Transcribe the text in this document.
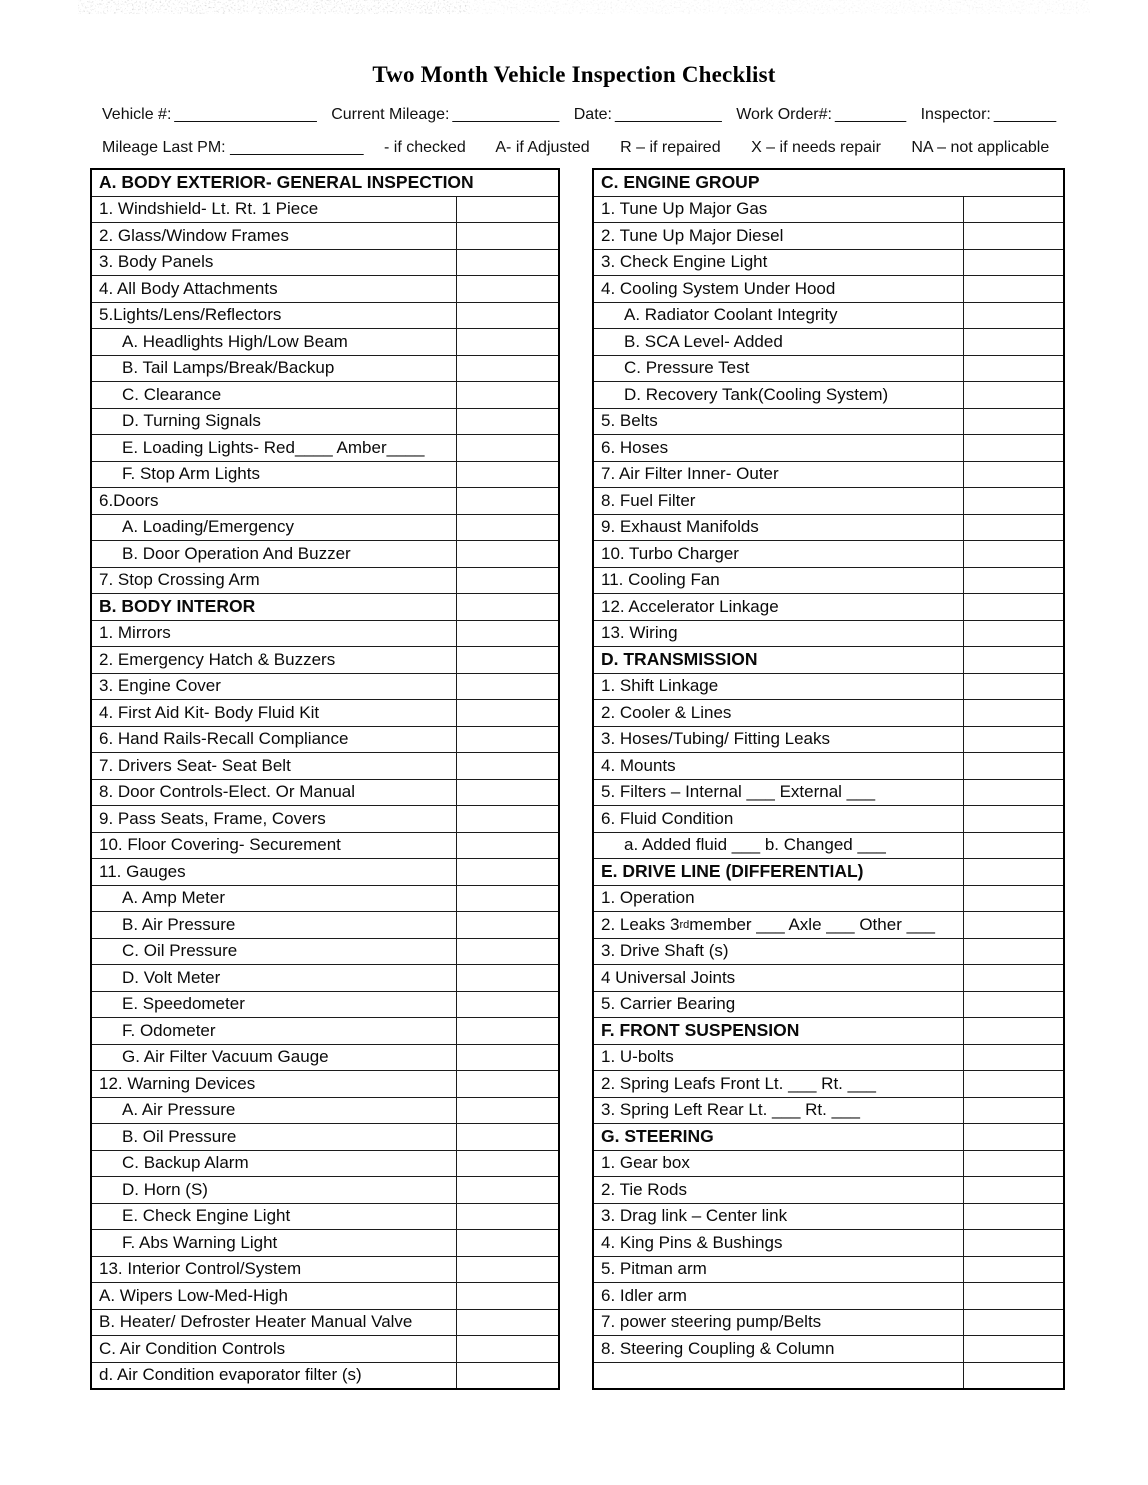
Two Month Vehicle Inspection Checklist
Vehicle #: ________________ Current Mileage: ____________ Date: ____________ Work Order#: ________ Inspector: _______
Mileage Last PM: _______________ - if checked A- if Adjusted R – if repaired X – if needs repair NA – not applicable
A. BODY EXTERIOR- GENERAL INSPECTION
1. Windshield- Lt. Rt. 1 Piece
2. Glass/Window Frames
3. Body Panels
4. All Body Attachments
5.Lights/Lens/Reflectors
A. Headlights High/Low Beam
B. Tail Lamps/Break/Backup
C. Clearance
D. Turning Signals
E. Loading Lights- Red____ Amber____
F. Stop Arm Lights
6.Doors
A. Loading/Emergency
B. Door Operation And Buzzer
7. Stop Crossing Arm
B. BODY INTEROR
1. Mirrors
2. Emergency Hatch & Buzzers
3. Engine Cover
4. First Aid Kit- Body Fluid Kit
6. Hand Rails-Recall Compliance
7. Drivers Seat- Seat Belt
8. Door Controls-Elect. Or Manual
9. Pass Seats, Frame, Covers
10. Floor Covering- Securement
11. Gauges
A. Amp Meter
B. Air Pressure
C. Oil Pressure
D. Volt Meter
E. Speedometer
F. Odometer
G. Air Filter Vacuum Gauge
12. Warning Devices
A. Air Pressure
B. Oil Pressure
C. Backup Alarm
D. Horn (S)
E. Check Engine Light
F. Abs Warning Light
13. Interior Control/System
A. Wipers Low-Med-High
B. Heater/ Defroster Heater Manual Valve
C. Air Condition Controls
d. Air Condition evaporator filter (s)
C. ENGINE GROUP
1. Tune Up Major Gas
2. Tune Up Major Diesel
3. Check Engine Light
4. Cooling System Under Hood
A. Radiator Coolant Integrity
B. SCA Level- Added
C. Pressure Test
D. Recovery Tank(Cooling System)
5. Belts
6. Hoses
7. Air Filter Inner- Outer
8. Fuel Filter
9. Exhaust Manifolds
10. Turbo Charger
11. Cooling Fan
12. Accelerator Linkage
13. Wiring
D. TRANSMISSION
1. Shift Linkage
2. Cooler & Lines
3. Hoses/Tubing/ Fitting Leaks
4. Mounts
5. Filters – Internal ___ External ___
6. Fluid Condition
a. Added fluid ___ b. Changed ___
E. DRIVE LINE (DIFFERENTIAL)
1. Operation
2. Leaks 3 rd member ___ Axle ___ Other ___
3. Drive Shaft (s)
4 Universal Joints
5. Carrier Bearing
F. FRONT SUSPENSION
1. U-bolts
2. Spring Leafs Front Lt. ___ Rt. ___
3. Spring Left Rear Lt. ___ Rt. ___
G. STEERING
1. Gear box
2. Tie Rods
3. Drag link – Center link
4. King Pins & Bushings
5. Pitman arm
6. Idler arm
7. power steering pump/Belts
8. Steering Coupling & Column
